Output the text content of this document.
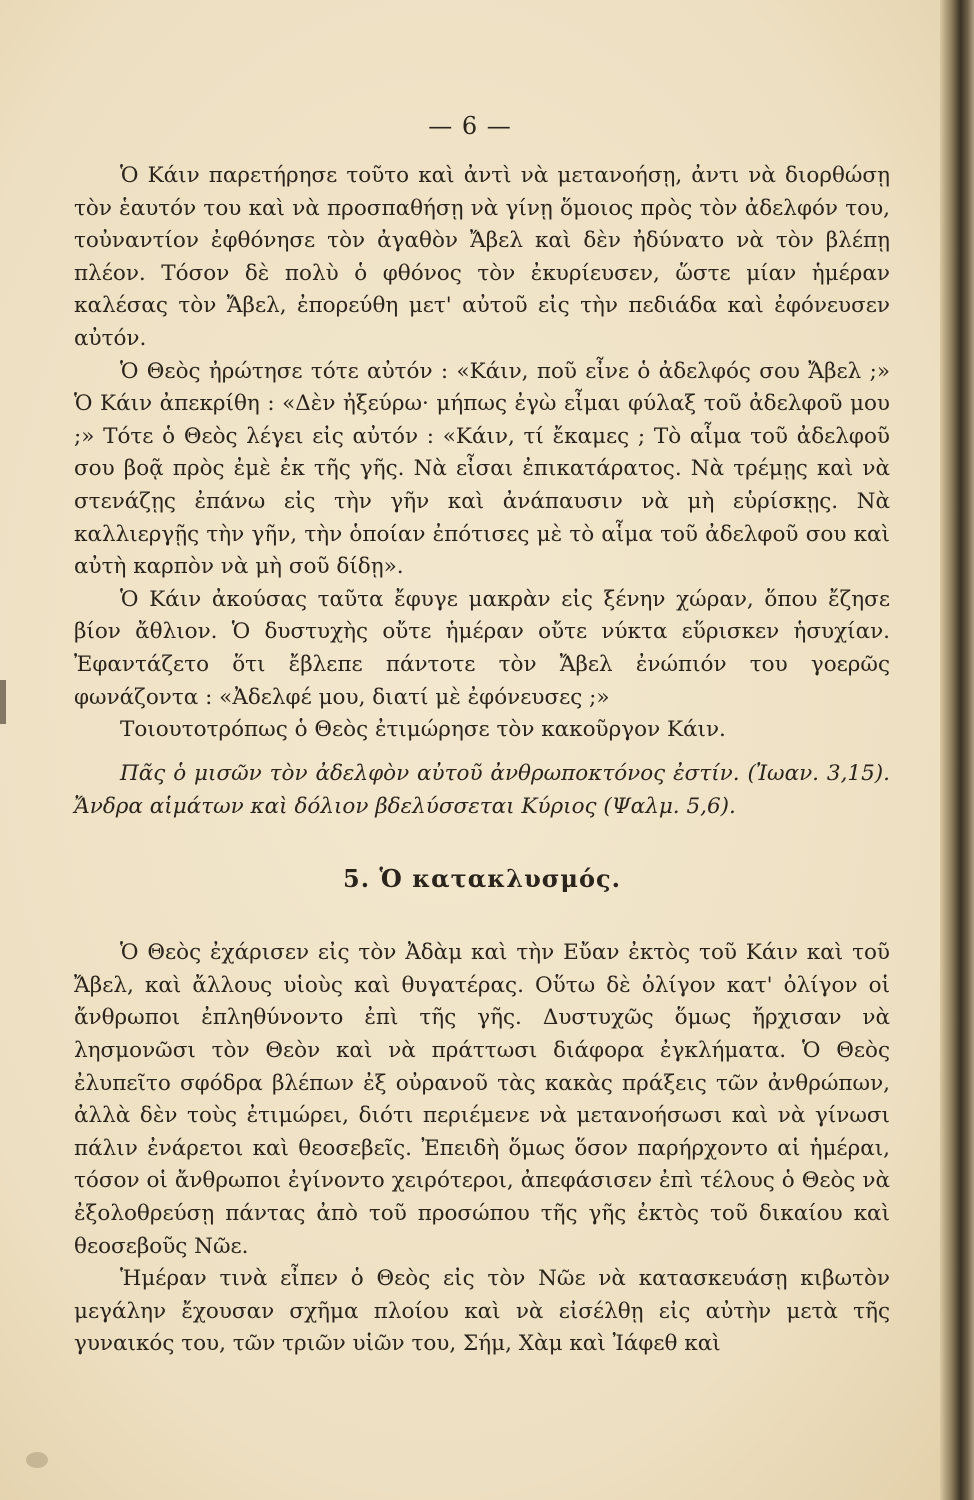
— 6 —

Ὁ Κάιν παρετήρησε τοῦτο καὶ ἀντὶ νὰ μετανοήσῃ, ἀντι νὰ διορθώσῃ τὸν ἑαυτόν του καὶ νὰ προσπαθήσῃ νὰ γίνῃ ὅμοιος πρὸς τὸν ἀδελφόν του, τοὐναντίον ἐφθόνησε τὸν ἀγαθὸν Ἄβελ καὶ δὲν ἠδύνατο νὰ τὸν βλέπῃ πλέον. Τόσον δὲ πολὺ ὁ φθόνος τὸν ἐκυρίευσεν, ὥστε μίαν ἡμέραν καλέσας τὸν Ἄβελ, ἐπορεύθη μετ' αὐτοῦ εἰς τὴν πεδιάδα καὶ ἐφόνευσεν αὐτόν.

Ὁ Θεὸς ἠρώτησε τότε αὐτόν : «Κάιν, ποῦ εἶνε ὁ ἀδελφός σου Ἄβελ ;» Ὁ Κάιν ἀπεκρίθη : «Δὲν ἠξεύρω· μήπως ἐγὼ εἶμαι φύλαξ τοῦ ἀδελφοῦ μου ;» Τότε ὁ Θεὸς λέγει εἰς αὐτόν : «Κάιν, τί ἔκαμες ; Τὸ αἷμα τοῦ ἀδελφοῦ σου βοᾷ πρὸς ἐμὲ ἐκ τῆς γῆς. Νὰ εἶσαι ἐπικατάρατος. Νὰ τρέμῃς καὶ νὰ στενάζῃς ἐπάνω εἰς τὴν γῆν καὶ ἀνάπαυσιν νὰ μὴ εὑρίσκῃς. Νὰ καλλιεργῇς τὴν γῆν, τὴν ὁποίαν ἐπότισες μὲ τὸ αἷμα τοῦ ἀδελφοῦ σου καὶ αὐτὴ καρπὸν νὰ μὴ σοῦ δίδῃ».

Ὁ Κάιν ἀκούσας ταῦτα ἔφυγε μακρὰν εἰς ξένην χώραν, ὅπου ἔζησε βίον ἄθλιον. Ὁ δυστυχὴς οὔτε ἡμέραν οὔτε νύκτα εὕρισκεν ἡσυχίαν. Ἐφαντάζετο ὅτι ἔβλεπε πάντοτε τὸν Ἄβελ ἐνώπιόν του γοερῶς φωνάζοντα : «Ἀδελφέ μου, διατί μὲ ἐφόνευσες ;»

Τοιουτοτρόπως ὁ Θεὸς ἐτιμώρησε τὸν κακοῦργον Κάιν.

Πᾶς ὁ μισῶν τὸν ἀδελφὸν αὐτοῦ ἀνθρωποκτόνος ἐστίν. (Ἰωαν. 3,15). Ἄνδρα αἱμάτων καὶ δόλιον βδελύσσεται Κύριος (Ψαλμ. 5,6).

5. Ὁ κατακλυσμός.

Ὁ Θεὸς ἐχάρισεν εἰς τὸν Ἀδὰμ καὶ τὴν Εὔαν ἐκτὸς τοῦ Κάιν καὶ τοῦ Ἄβελ, καὶ ἄλλους υἱοὺς καὶ θυγατέρας. Οὕτω δὲ ὀλίγον κατ' ὀλίγον οἱ ἄνθρωποι ἐπληθύνοντο ἐπὶ τῆς γῆς. Δυστυχῶς ὅμως ἤρχισαν νὰ λησμονῶσι τὸν Θεὸν καὶ νὰ πράττωσι διάφορα ἐγκλήματα. Ὁ Θεὸς ἐλυπεῖτο σφόδρα βλέπων ἐξ οὐρανοῦ τὰς κακὰς πράξεις τῶν ἀνθρώπων, ἀλλὰ δὲν τοὺς ἐτιμώρει, διότι περιέμενε νὰ μετανοήσωσι καὶ νὰ γίνωσι πάλιν ἐνάρετοι καὶ θεοσεβεῖς. Ἐπειδὴ ὅμως ὅσον παρήρχοντο αἱ ἡμέραι, τόσον οἱ ἄνθρωποι ἐγίνοντο χειρότεροι, ἀπεφάσισεν ἐπὶ τέλους ὁ Θεὸς νὰ ἐξολοθρεύσῃ πάντας ἀπὸ τοῦ προσώπου τῆς γῆς ἐκτὸς τοῦ δικαίου καὶ θεοσεβοῦς Νῶε.

Ἡμέραν τινὰ εἶπεν ὁ Θεὸς εἰς τὸν Νῶε νὰ κατασκευάσῃ κιβωτὸν μεγάλην ἔχουσαν σχῆμα πλοίου καὶ νὰ εἰσέλθῃ εἰς αὐτὴν μετὰ τῆς γυναικός του, τῶν τριῶν υἱῶν του, Σήμ, Χὰμ καὶ Ἰάφεθ καὶ
